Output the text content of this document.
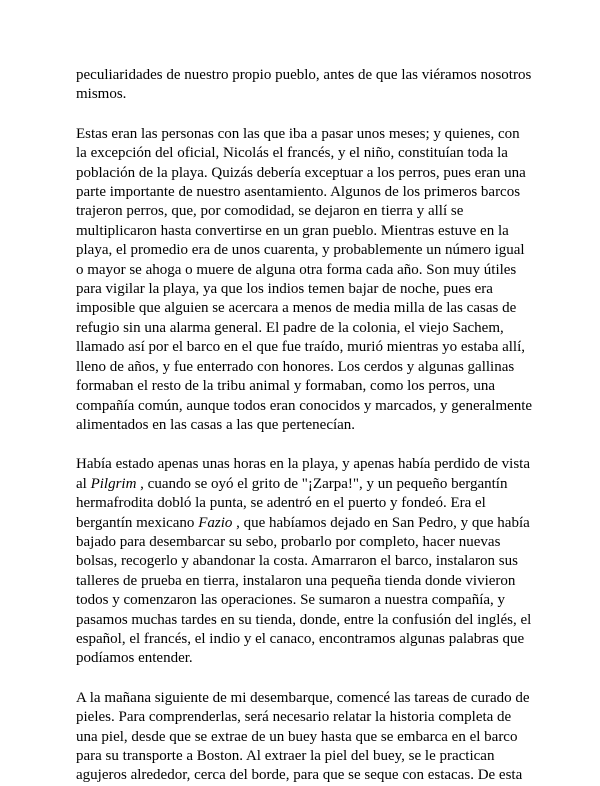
peculiaridades de nuestro propio pueblo, antes de que las viéramos nosotros
mismos.

Estas eran las personas con las que iba a pasar unos meses; y quienes, con
la excepción del oficial, Nicolás el francés, y el niño, constituían toda la
población de la playa. Quizás debería exceptuar a los perros, pues eran una
parte importante de nuestro asentamiento. Algunos de los primeros barcos
trajeron perros, que, por comodidad, se dejaron en tierra y allí se
multiplicaron hasta convertirse en un gran pueblo. Mientras estuve en la
playa, el promedio era de unos cuarenta, y probablemente un número igual
o mayor se ahoga o muere de alguna otra forma cada año. Son muy útiles
para vigilar la playa, ya que los indios temen bajar de noche, pues era
imposible que alguien se acercara a menos de media milla de las casas de
refugio sin una alarma general. El padre de la colonia, el viejo Sachem,
llamado así por el barco en el que fue traído, murió mientras yo estaba allí,
lleno de años, y fue enterrado con honores. Los cerdos y algunas gallinas
formaban el resto de la tribu animal y formaban, como los perros, una
compañía común, aunque todos eran conocidos y marcados, y generalmente
alimentados en las casas a las que pertenecían.

Había estado apenas unas horas en la playa, y apenas había perdido de vista
al Pilgrim , cuando se oyó el grito de "¡Zarpa!", y un pequeño bergantín
hermafrodita dobló la punta, se adentró en el puerto y fondeó. Era el
bergantín mexicano Fazio , que habíamos dejado en San Pedro, y que había
bajado para desembarcar su sebo, probarlo por completo, hacer nuevas
bolsas, recogerlo y abandonar la costa. Amarraron el barco, instalaron sus
talleres de prueba en tierra, instalaron una pequeña tienda donde vivieron
todos y comenzaron las operaciones. Se sumaron a nuestra compañía, y
pasamos muchas tardes en su tienda, donde, entre la confusión del inglés, el
español, el francés, el indio y el canaco, encontramos algunas palabras que
podíamos entender.

A la mañana siguiente de mi desembarque, comencé las tareas de curado de
pieles. Para comprenderlas, será necesario relatar la historia completa de
una piel, desde que se extrae de un buey hasta que se embarca en el barco
para su transporte a Boston. Al extraer la piel del buey, se le practican
agujeros alrededor, cerca del borde, para que se seque con estacas. De esta
